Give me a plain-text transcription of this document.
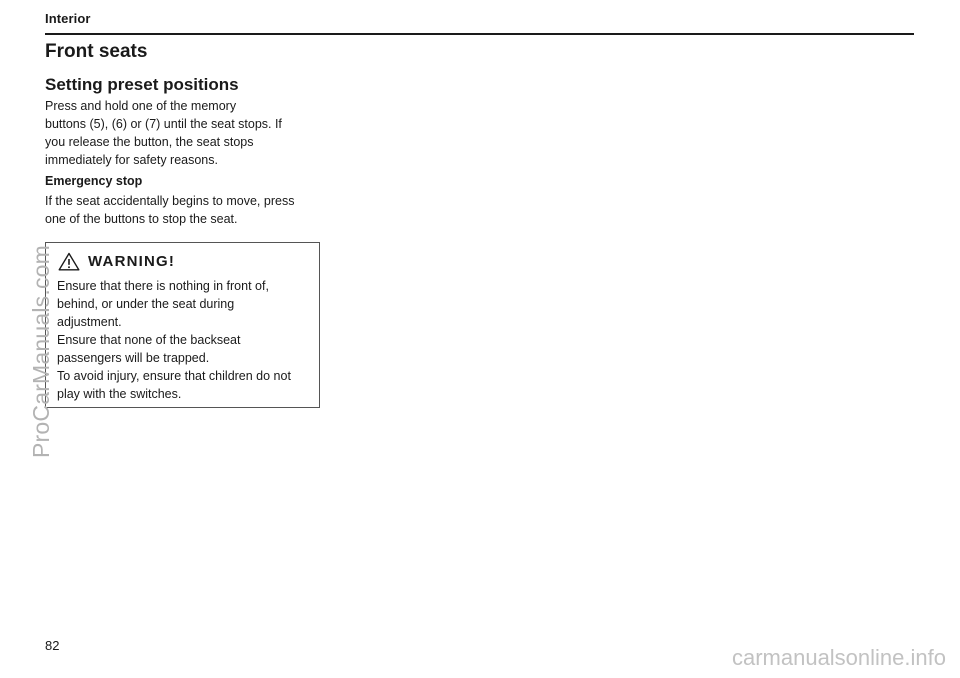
Interior
Front seats
Setting preset positions

Press and hold one of the memory
buttons (5), (6) or (7) until the seat stops. If
you release the button, the seat stops
immediately for safety reasons.

Emergency stop

If the seat accidentally begins to move, press
one of the buttons to stop the seat.

WARNING!

Ensure that there is nothing in front of,
behind, or under the seat during
adjustment.
Ensure that none of the backseat
passengers will be trapped.
To avoid injury, ensure that children do not
play with the switches.

82
ProCarManuals.com
carmanualsonline.info
